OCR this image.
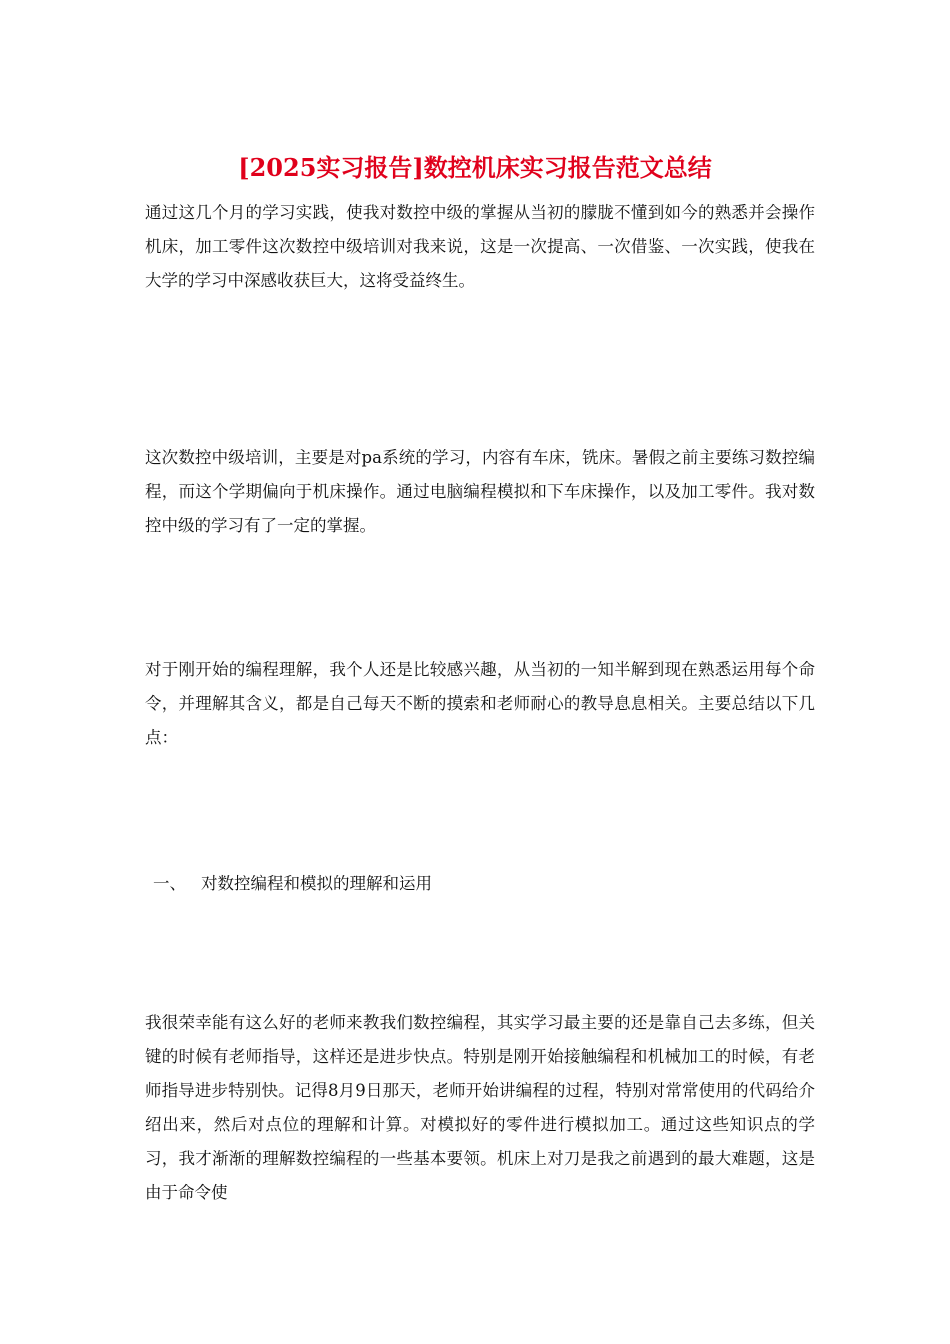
[2025实习报告]数控机床实习报告范文总结

通过这几个月的学习实践，使我对数控中级的掌握从当初的朦胧不懂到如今的熟悉并会操作机床，加工零件这次数控中级培训对我来说，这是一次提高、一次借鉴、一次实践，使我在大学的学习中深感收获巨大，这将受益终生。

这次数控中级培训，主要是对pa系统的学习，内容有车床，铣床。暑假之前主要练习数控编程，而这个学期偏向于机床操作。通过电脑编程模拟和下车床操作，以及加工零件。我对数控中级的学习有了一定的掌握。

对于刚开始的编程理解，我个人还是比较感兴趣，从当初的一知半解到现在熟悉运用每个命令，并理解其含义，都是自己每天不断的摸索和老师耐心的教导息息相关。主要总结以下几点：

一、 对数控编程和模拟的理解和运用

我很荣幸能有这么好的老师来教我们数控编程，其实学习最主要的还是靠自己去多练，但关键的时候有老师指导，这样还是进步快点。特别是刚开始接触编程和机械加工的时候，有老师指导进步特别快。记得8月9日那天，老师开始讲编程的过程，特别对常常使用的代码给介绍出来，然后对点位的理解和计算。对模拟好的零件进行模拟加工。通过这些知识点的学习，我才渐渐的理解数控编程的一些基本要领。机床上对刀是我之前遇到的最大难题，这是由于命令使
